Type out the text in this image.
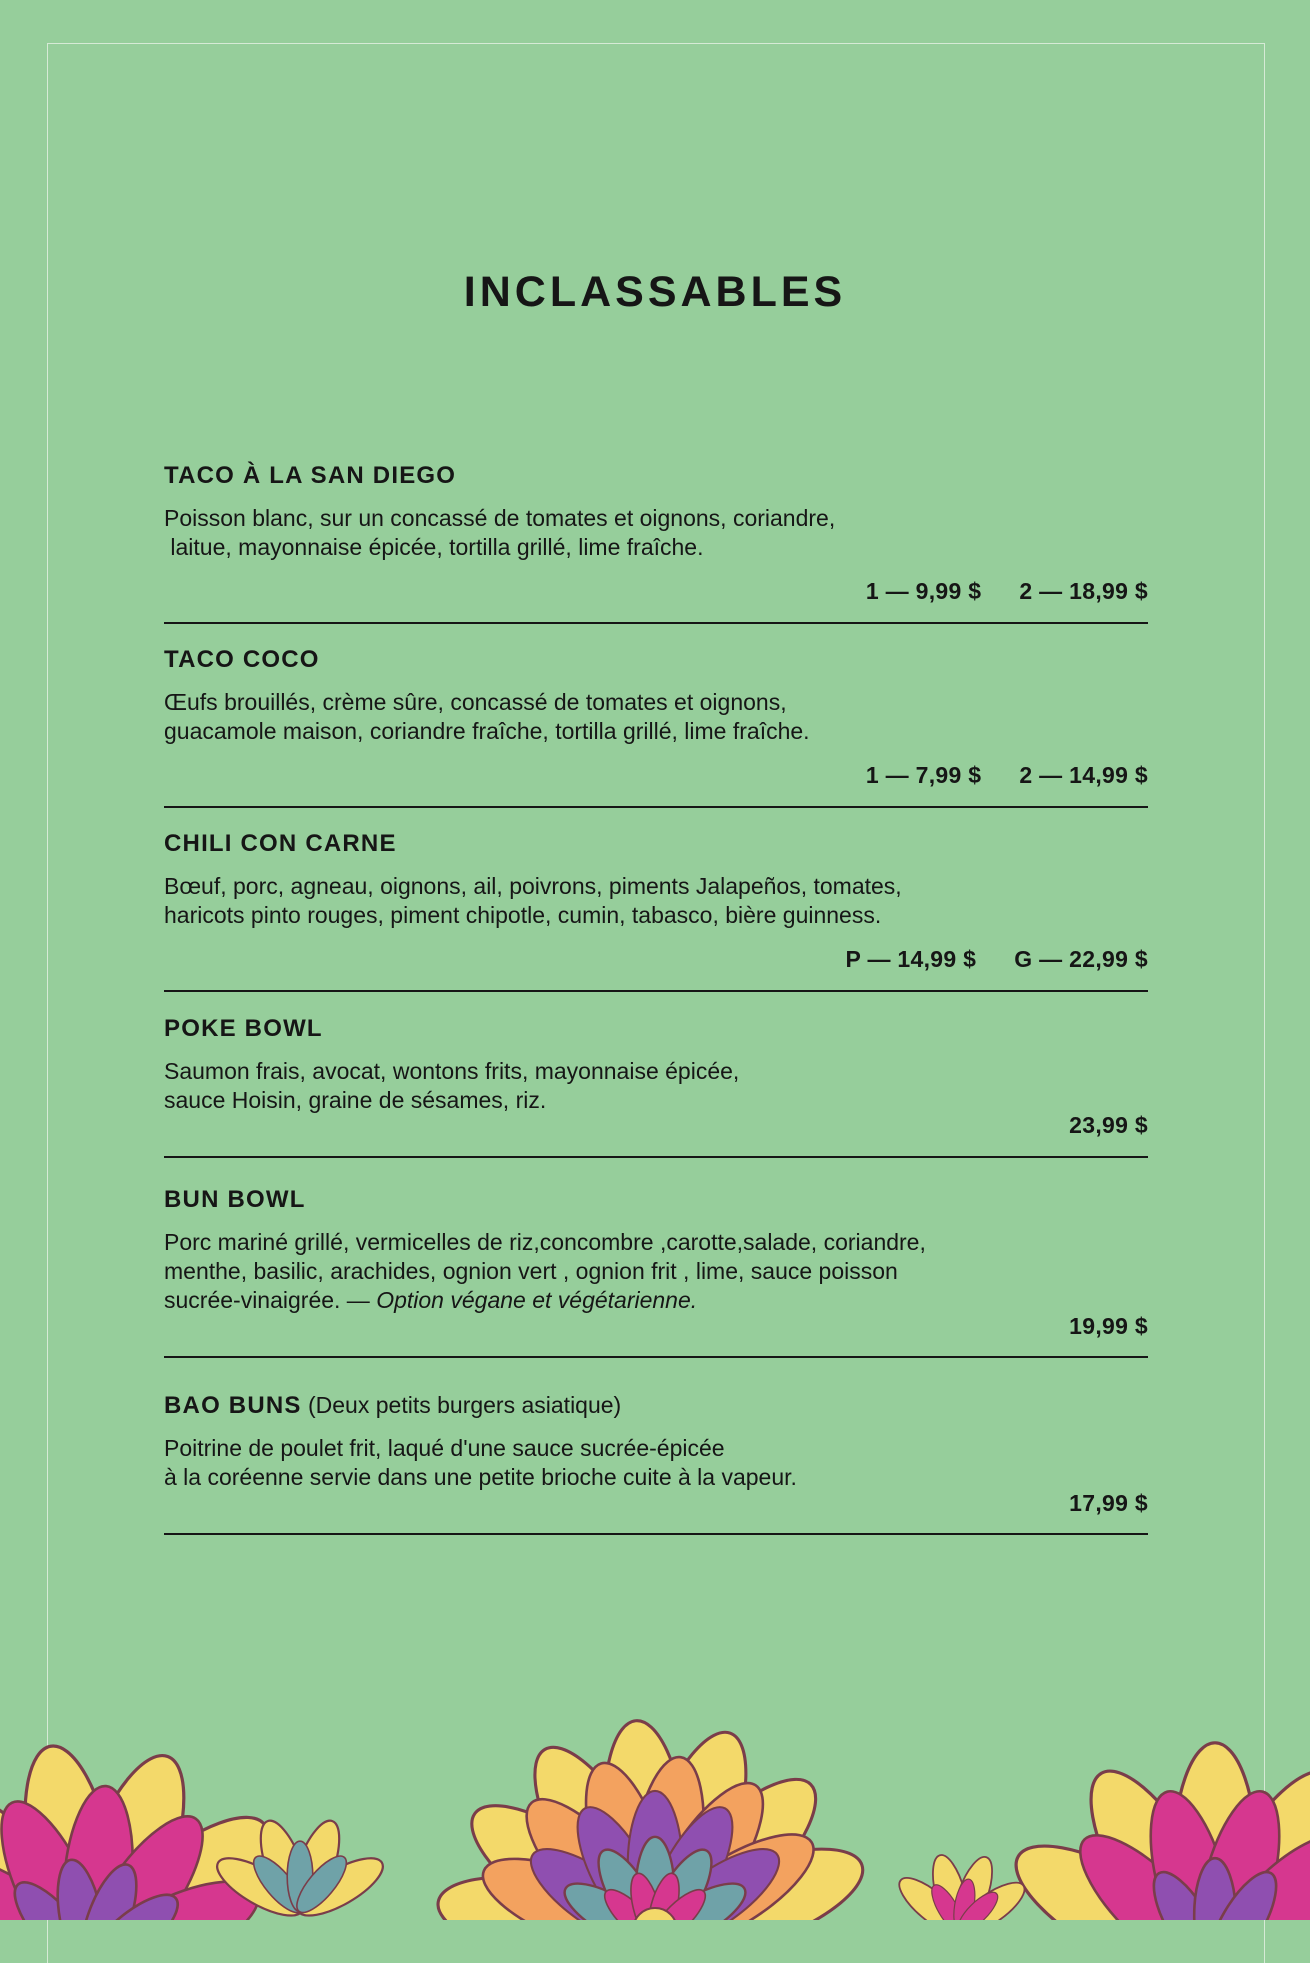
INCLASSABLES
TACO À LA SAN DIEGO
Poisson blanc, sur un concassé de tomates et oignons, coriandre,
laitue, mayonnaise épicée, tortilla grillé, lime fraîche.
1 — 9,99 $ 2 — 18,99 $
TACO COCO
Œufs brouillés, crème sûre, concassé de tomates et oignons,
guacamole maison, coriandre fraîche, tortilla grillé, lime fraîche.
1 — 7,99 $ 2 — 14,99 $
CHILI CON CARNE
Bœuf, porc, agneau, oignons, ail, poivrons, piments Jalapeños, tomates,
haricots pinto rouges, piment chipotle, cumin, tabasco, bière guinness.
P — 14,99 $ G — 22,99 $
POKE BOWL
Saumon frais, avocat, wontons frits, mayonnaise épicée,
sauce Hoisin, graine de sésames, riz.
23,99 $
BUN BOWL
Porc mariné grillé, vermicelles de riz,concombre ,carotte,salade, coriandre,
menthe, basilic, arachides, ognion vert , ognion frit , lime, sauce poisson
sucrée-vinaigrée. — Option végane et végétarienne.
19,99 $
BAO BUNS (Deux petits burgers asiatique)
Poitrine de poulet frit, laqué d'une sauce sucrée-épicée
à la coréenne servie dans une petite brioche cuite à la vapeur.
17,99 $
